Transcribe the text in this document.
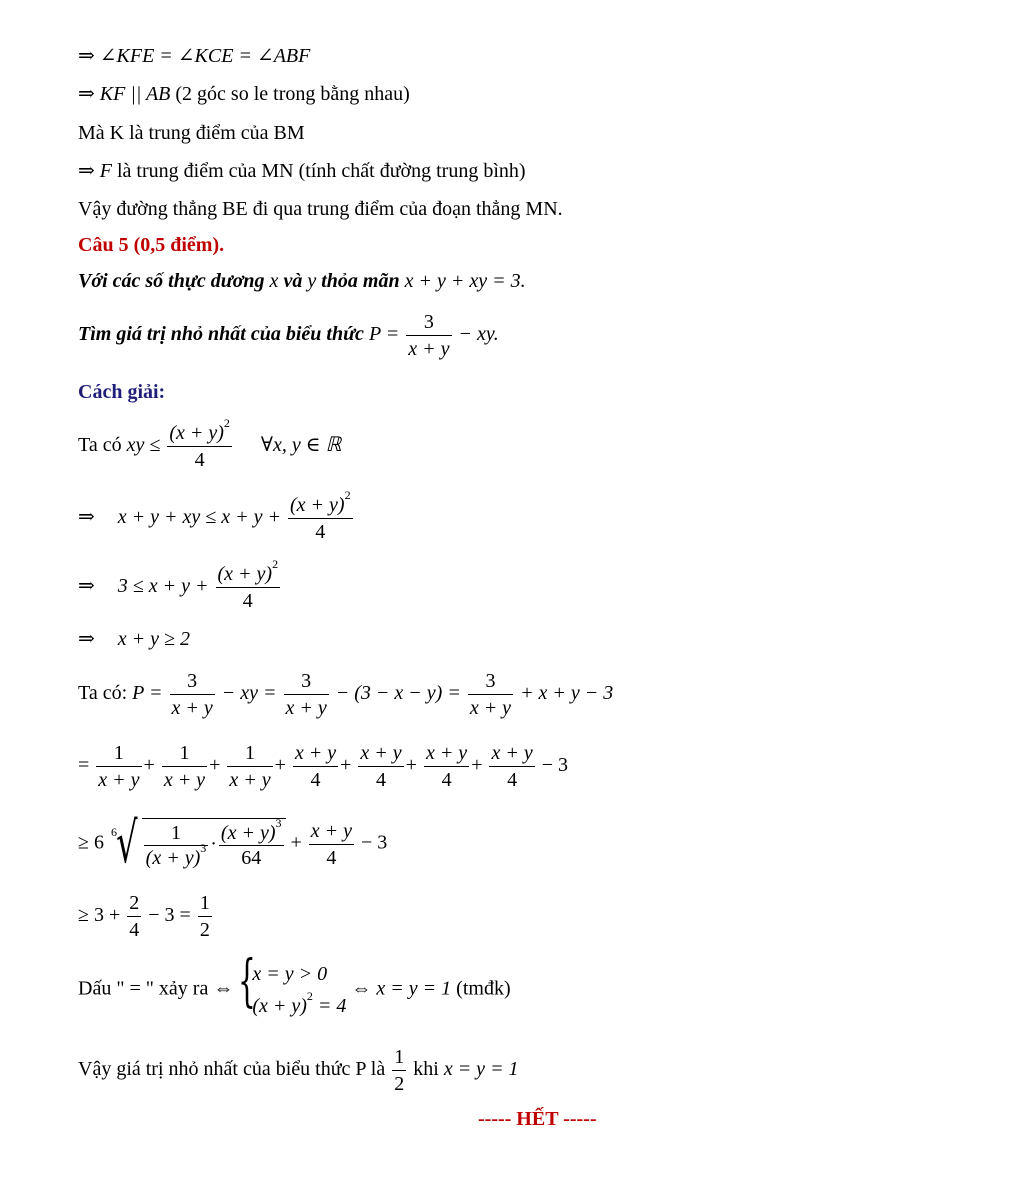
⇒ ∠KFE = ∠KCE = ∠ABF
⇒ KF || AB (2 góc so le trong bằng nhau)
Mà K là trung điểm của BM
⇒ F là trung điểm của MN (tính chất đường trung bình)
Vậy đường thẳng BE đi qua trung điểm của đoạn thẳng MN.
Câu 5 (0,5 điểm).
Với các số thực dương x và y thỏa mãn x + y + xy = 3.
Tìm giá trị nhỏ nhất của biểu thức $P = \frac{3}{x + y}$ − xy.
Cách giải:
Ta có xy ≤ $\frac{(x + y)^2}{4}$ ∀x, y ∈ ℝ
⇒ x + y + xy ≤ $x + y + \frac{(x + y)^2}{4}$
⇒ $3 \le x + y + \frac{(x + y)^2}{4}$
⇒ x + y ≥ 2
Ta có: $P = \frac{3}{x + y}$ − xy = $\frac{3}{x + y} - (3 - x - y) = \frac{3}{x + y} + x + y - 3$
= $\frac{1}{x + y} + \frac{1}{x + y} + \frac{1}{x + y} + \frac{x + y}{4} + \frac{x + y}{4} + \frac{x + y}{4} + \frac{x + y}{4} - 3$
≥ 6 6 √ $\frac{1}{(x + y)^3} \cdot \frac{(x + y)^3}{64} + \frac{x + y}{4} - 3$
≥ $3 + \frac{2}{4} - 3 = \frac{1}{2}$
Dấu " = " xảy ra ⇔ {
x = y > 0
$(x + y)^2 = 4$
⇔ x = y = 1 (tmđk)
Vậy giá trị nhỏ nhất của biểu thức P là $\frac{1}{2}$ khi x = y = 1
----- HẾT -----
